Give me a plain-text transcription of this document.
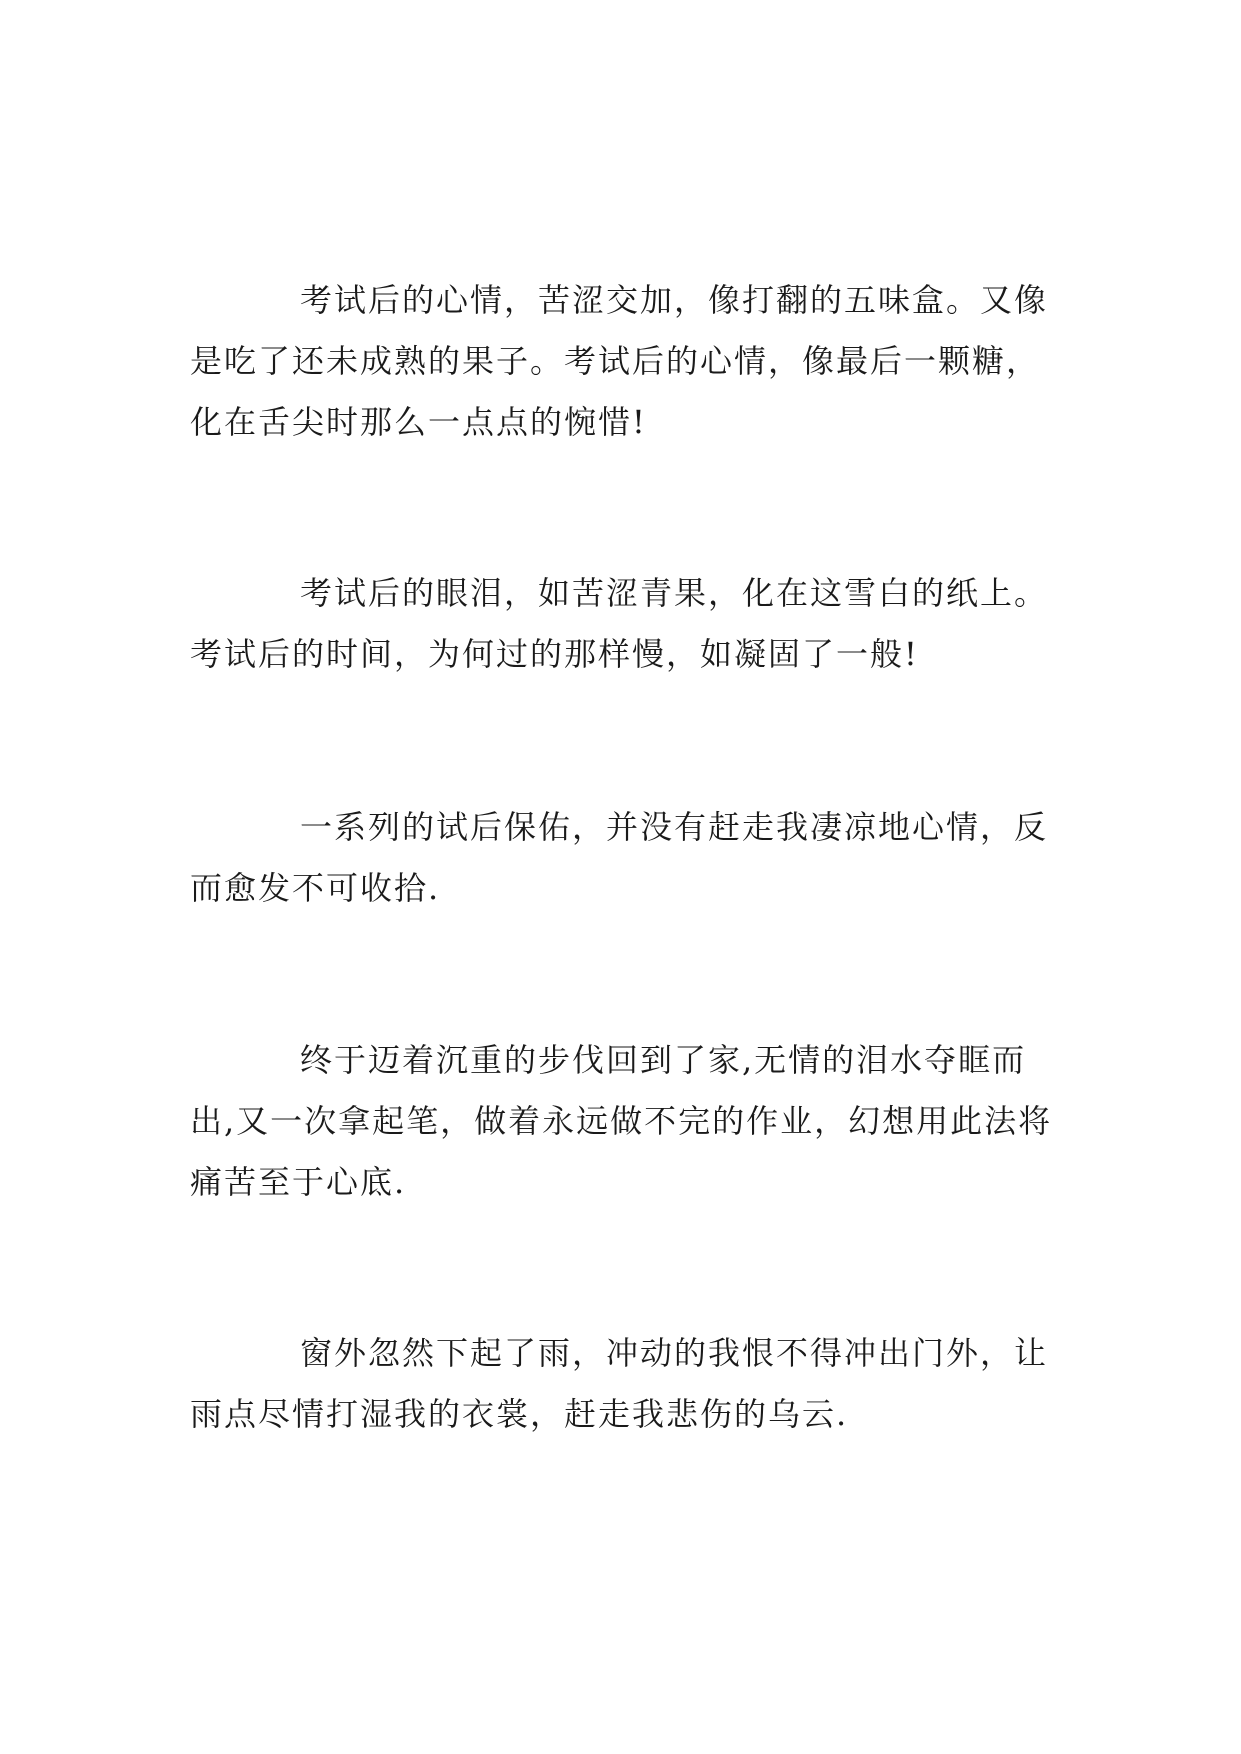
考试后的心情，苦涩交加，像打翻的五味盒。又像是吃了还未成熟的果子。考试后的心情，像最后一颗糖，化在舌尖时那么一点点的惋惜!

考试后的眼泪，如苦涩青果，化在这雪白的纸上。考试后的时间，为何过的那样慢，如凝固了一般!

一系列的试后保佑，并没有赶走我凄凉地心情，反而愈发不可收拾.

终于迈着沉重的步伐回到了家,无情的泪水夺眶而出,又一次拿起笔，做着永远做不完的作业，幻想用此法将痛苦至于心底.

窗外忽然下起了雨，冲动的我恨不得冲出门外，让雨点尽情打湿我的衣裳，赶走我悲伤的乌云.
